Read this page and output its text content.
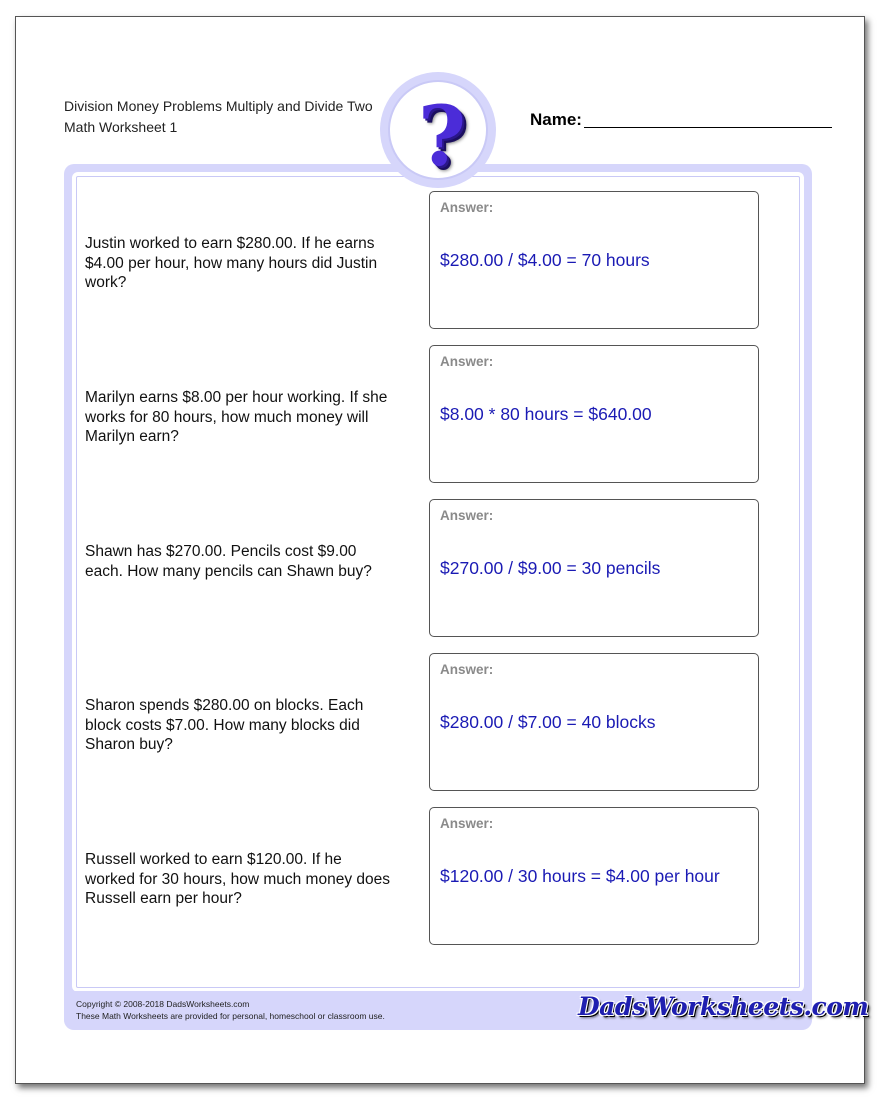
Division Money Problems Multiply and Divide Two Math Worksheet 1	Name:
?
Justin worked to earn $280.00. If he earns $4.00 per hour, how many hours did Justin work?
Answer:
$280.00 / $4.00 = 70 hours
Marilyn earns $8.00 per hour working. If she works for 80 hours, how much money will Marilyn earn?
Answer:
$8.00 * 80 hours = $640.00
Shawn has $270.00. Pencils cost $9.00 each. How many pencils can Shawn buy?
Answer:
$270.00 / $9.00 = 30 pencils
Sharon spends $280.00 on blocks. Each block costs $7.00. How many blocks did Sharon buy?
Answer:
$280.00 / $7.00 = 40 blocks
Russell worked to earn $120.00. If he worked for 30 hours, how much money does Russell earn per hour?
Answer:
$120.00 / 30 hours = $4.00 per hour
Copyright © 2008-2018 DadsWorksheets.com
These Math Worksheets are provided for personal, homeschool or classroom use.	DadsWorksheets.com
